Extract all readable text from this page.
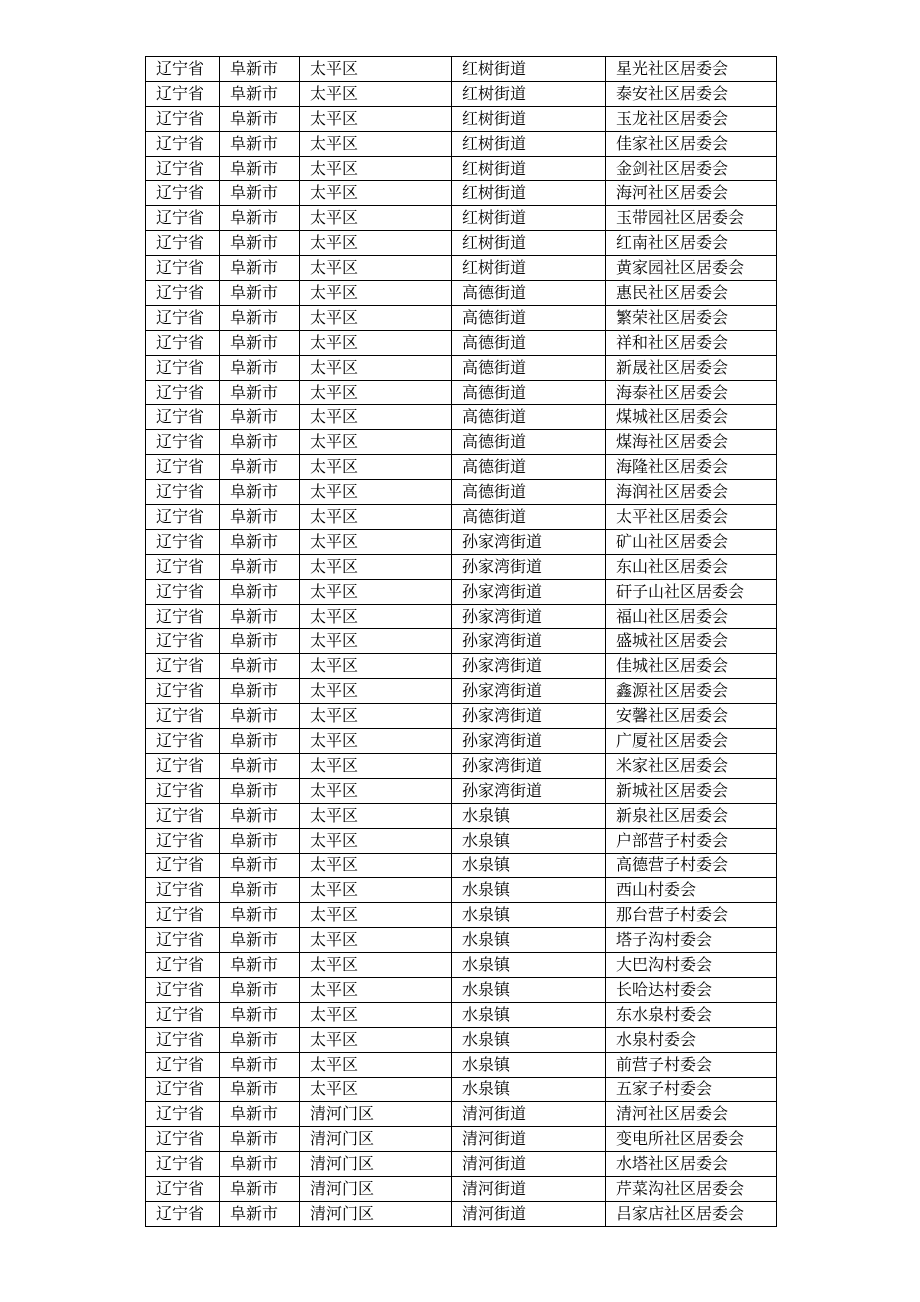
辽宁省	阜新市	太平区	红树街道	星光社区居委会
辽宁省	阜新市	太平区	红树街道	泰安社区居委会
辽宁省	阜新市	太平区	红树街道	玉龙社区居委会
辽宁省	阜新市	太平区	红树街道	佳家社区居委会
辽宁省	阜新市	太平区	红树街道	金剑社区居委会
辽宁省	阜新市	太平区	红树街道	海河社区居委会
辽宁省	阜新市	太平区	红树街道	玉带园社区居委会
辽宁省	阜新市	太平区	红树街道	红南社区居委会
辽宁省	阜新市	太平区	红树街道	黄家园社区居委会
辽宁省	阜新市	太平区	高德街道	惠民社区居委会
辽宁省	阜新市	太平区	高德街道	繁荣社区居委会
辽宁省	阜新市	太平区	高德街道	祥和社区居委会
辽宁省	阜新市	太平区	高德街道	新晟社区居委会
辽宁省	阜新市	太平区	高德街道	海泰社区居委会
辽宁省	阜新市	太平区	高德街道	煤城社区居委会
辽宁省	阜新市	太平区	高德街道	煤海社区居委会
辽宁省	阜新市	太平区	高德街道	海隆社区居委会
辽宁省	阜新市	太平区	高德街道	海润社区居委会
辽宁省	阜新市	太平区	高德街道	太平社区居委会
辽宁省	阜新市	太平区	孙家湾街道	矿山社区居委会
辽宁省	阜新市	太平区	孙家湾街道	东山社区居委会
辽宁省	阜新市	太平区	孙家湾街道	矸子山社区居委会
辽宁省	阜新市	太平区	孙家湾街道	福山社区居委会
辽宁省	阜新市	太平区	孙家湾街道	盛城社区居委会
辽宁省	阜新市	太平区	孙家湾街道	佳城社区居委会
辽宁省	阜新市	太平区	孙家湾街道	鑫源社区居委会
辽宁省	阜新市	太平区	孙家湾街道	安馨社区居委会
辽宁省	阜新市	太平区	孙家湾街道	广厦社区居委会
辽宁省	阜新市	太平区	孙家湾街道	米家社区居委会
辽宁省	阜新市	太平区	孙家湾街道	新城社区居委会
辽宁省	阜新市	太平区	水泉镇	新泉社区居委会
辽宁省	阜新市	太平区	水泉镇	户部营子村委会
辽宁省	阜新市	太平区	水泉镇	高德营子村委会
辽宁省	阜新市	太平区	水泉镇	西山村委会
辽宁省	阜新市	太平区	水泉镇	那台营子村委会
辽宁省	阜新市	太平区	水泉镇	塔子沟村委会
辽宁省	阜新市	太平区	水泉镇	大巴沟村委会
辽宁省	阜新市	太平区	水泉镇	长哈达村委会
辽宁省	阜新市	太平区	水泉镇	东水泉村委会
辽宁省	阜新市	太平区	水泉镇	水泉村委会
辽宁省	阜新市	太平区	水泉镇	前营子村委会
辽宁省	阜新市	太平区	水泉镇	五家子村委会
辽宁省	阜新市	清河门区	清河街道	清河社区居委会
辽宁省	阜新市	清河门区	清河街道	变电所社区居委会
辽宁省	阜新市	清河门区	清河街道	水塔社区居委会
辽宁省	阜新市	清河门区	清河街道	芹菜沟社区居委会
辽宁省	阜新市	清河门区	清河街道	吕家店社区居委会
